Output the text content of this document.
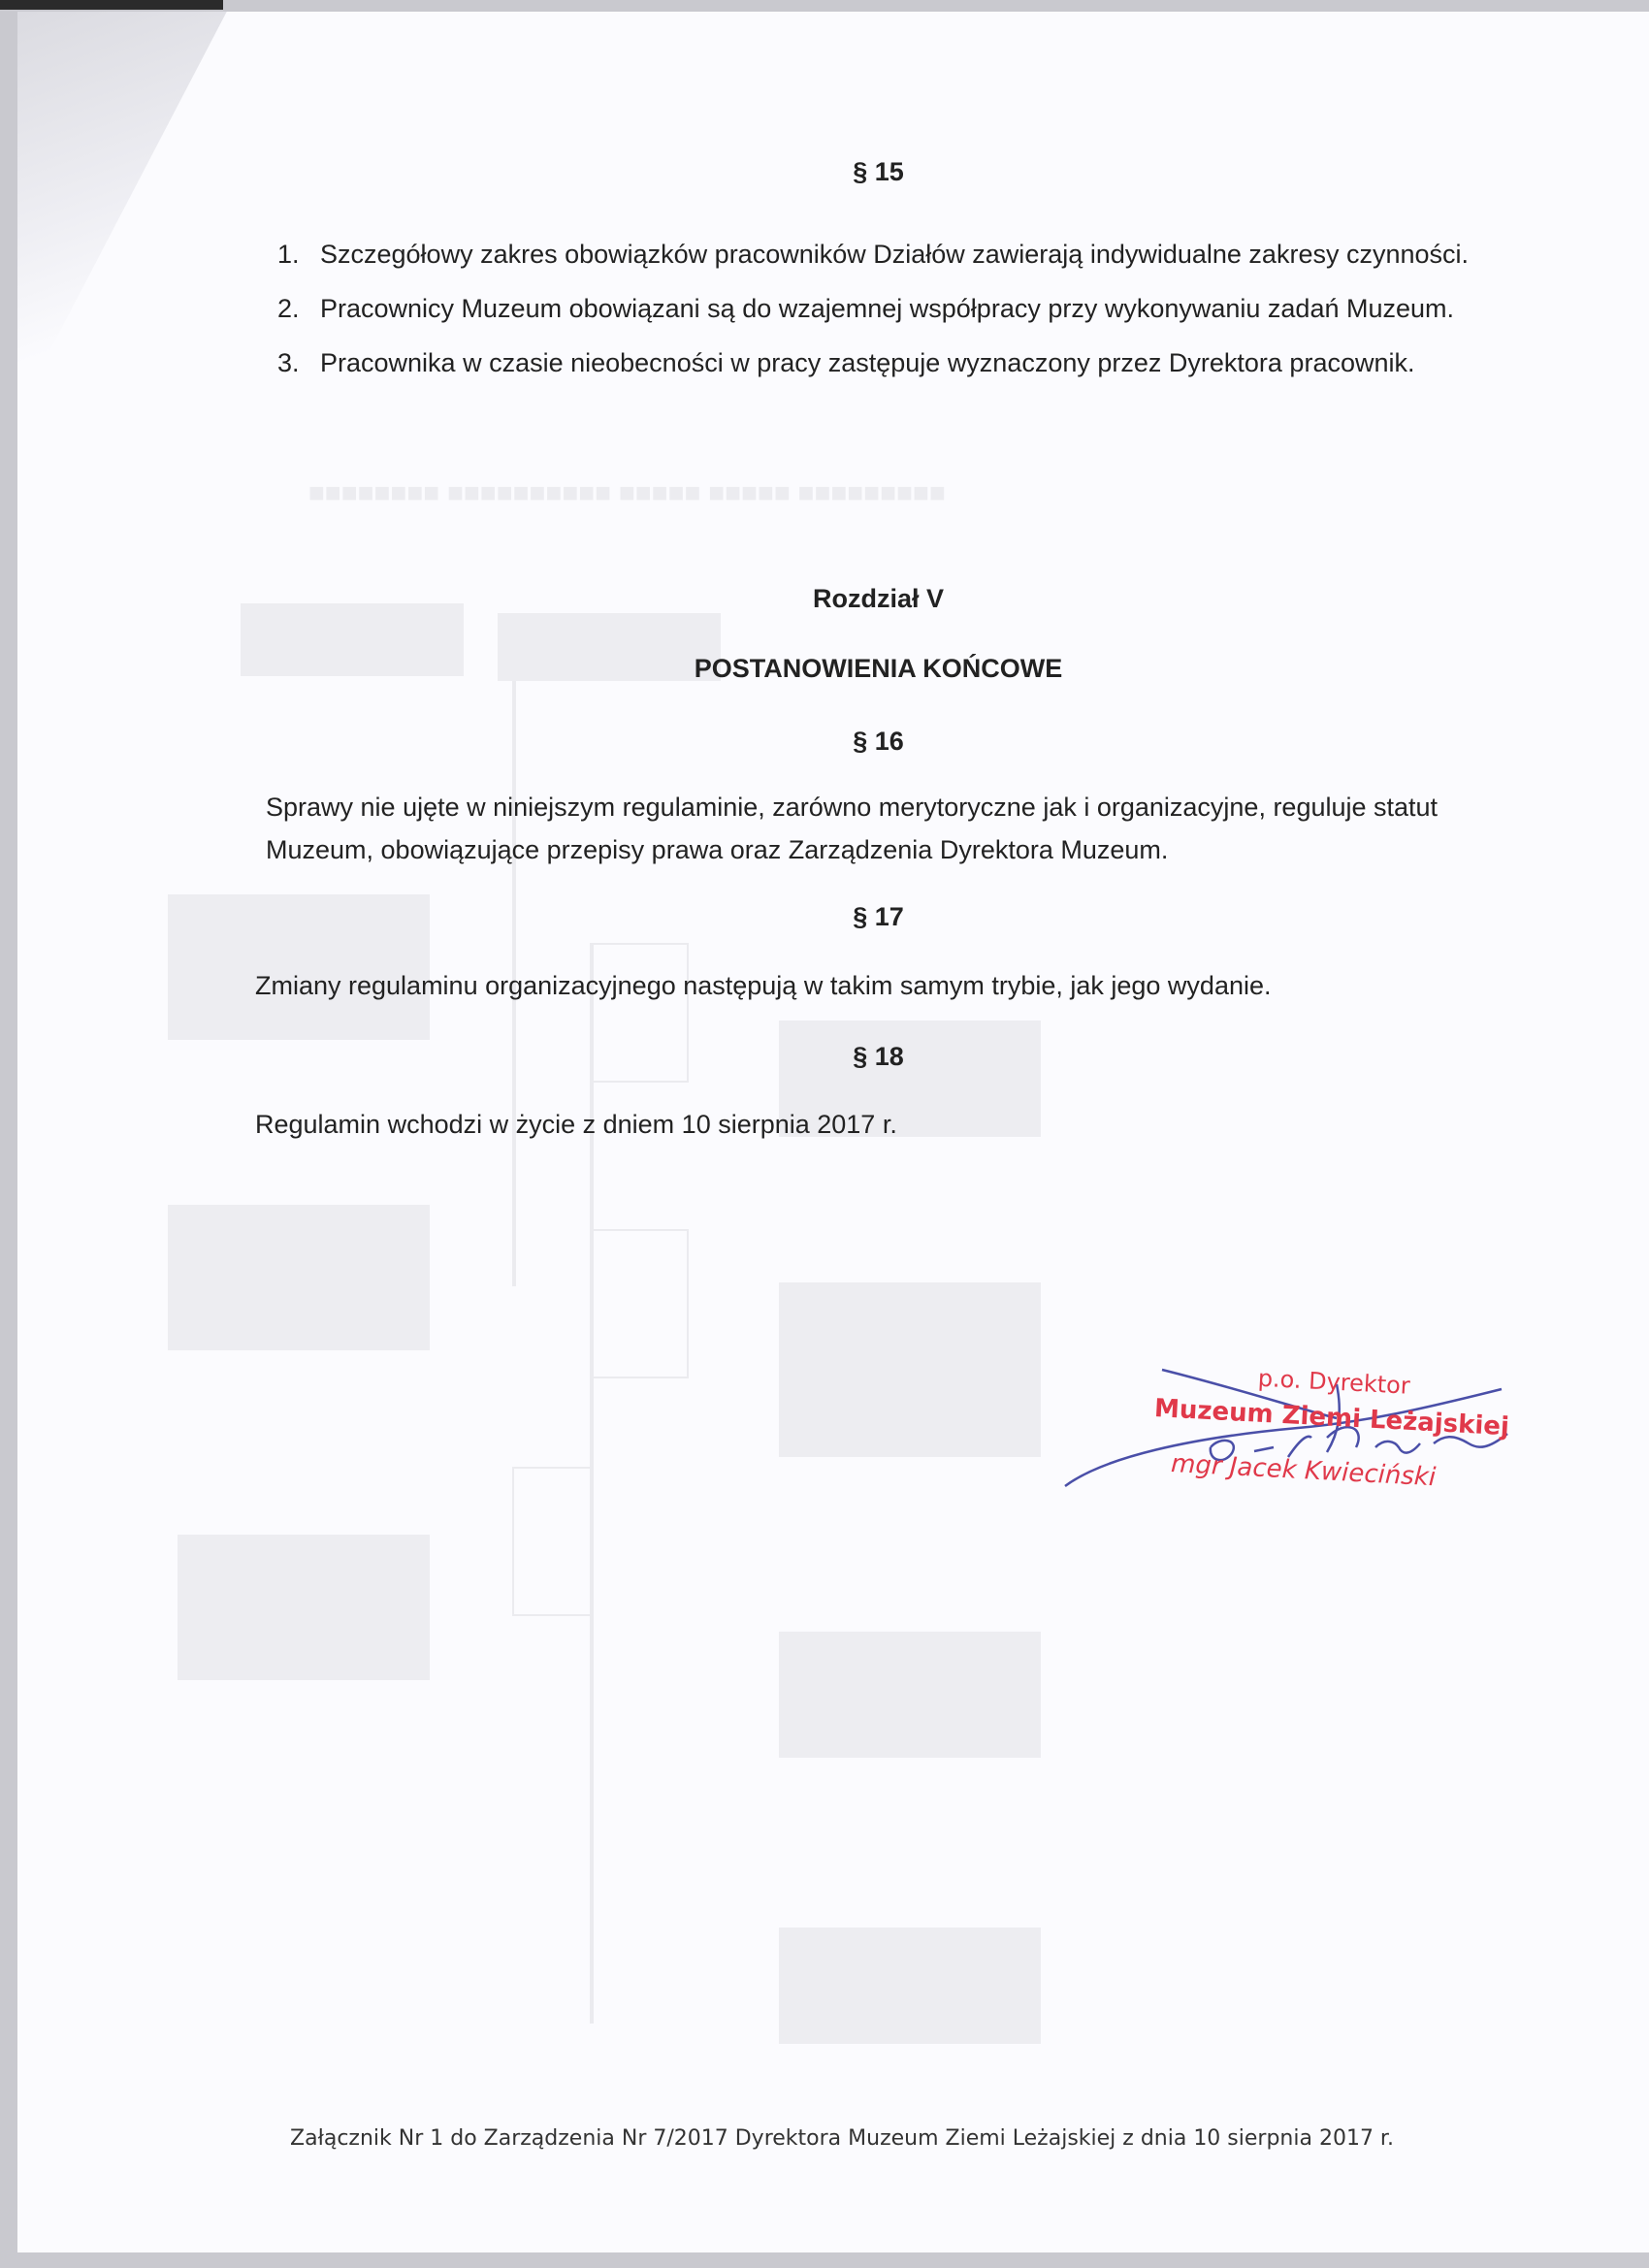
■■■■■■■■ ■■■■■■■■■■ ■■■■■ ■■■■■ ■■■■■■■■■
§ 15
1. Szczegółowy zakres obowiązków pracowników Działów zawierają indywidualne zakresy czynności.
2. Pracownicy Muzeum obowiązani są do wzajemnej współpracy przy wykonywaniu zadań Muzeum.
3. Pracownika w czasie nieobecności w pracy zastępuje wyznaczony przez Dyrektora pracownik.
Rozdział V
POSTANOWIENIA KOŃCOWE
§ 16
Sprawy nie ujęte w niniejszym regulaminie, zarówno merytoryczne jak i organizacyjne, reguluje statut Muzeum, obowiązujące przepisy prawa oraz Zarządzenia Dyrektora Muzeum.
§ 17
Zmiany regulaminu organizacyjnego następują w takim samym trybie, jak jego wydanie.
§ 18
Regulamin wchodzi w życie z dniem 10 sierpnia 2017 r.
p.o. Dyrektor
Muzeum Ziemi Leżajskiej
mgr Jacek Kwieciński
Załącznik Nr 1 do Zarządzenia Nr 7/2017 Dyrektora Muzeum Ziemi Leżajskiej z dnia 10 sierpnia 2017 r.
